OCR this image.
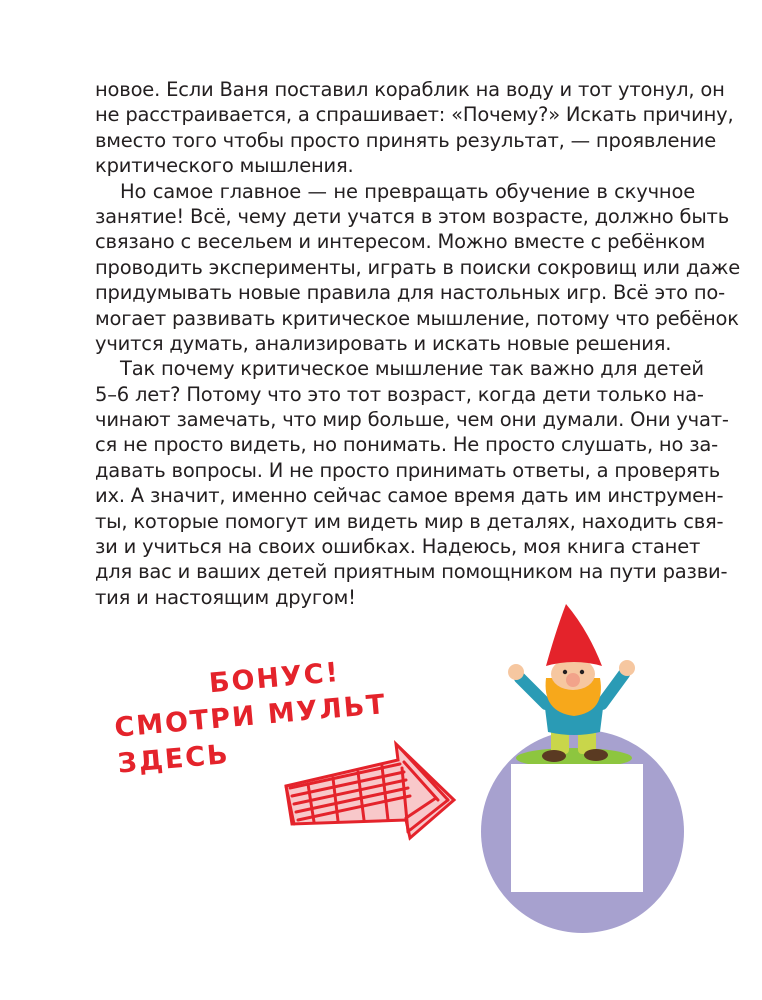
новое. Если Ваня поставил кораблик на воду и тот утонул, он
не расстраивается, а спрашивает: «Почему?» Искать причину,
вместо того чтобы просто принять результат, — проявление
критического мышления.
Но самое главное — не превращать обучение в скучное
занятие! Всё, чему дети учатся в этом возрасте, должно быть
связано с весельем и интересом. Можно вместе с ребёнком
проводить эксперименты, играть в поиски сокровищ или даже
придумывать новые правила для настольных игр. Всё это по-
могает развивать критическое мышление, потому что ребёнок
учится думать, анализировать и искать новые решения.
Так почему критическое мышление так важно для детей
5–6 лет? Потому что это тот возраст, когда дети только на-
чинают замечать, что мир больше, чем они думали. Они учат-
ся не просто видеть, но понимать. Не просто слушать, но за-
давать вопросы. И не просто принимать ответы, а проверять
их. А значит, именно сейчас самое время дать им инструмен-
ты, которые помогут им видеть мир в деталях, находить свя-
зи и учиться на своих ошибках. Надеюсь, моя книга станет
для вас и ваших детей приятным помощником на пути разви-
тия и настоящим другом!
БОНУС!
СМОТРИ МУЛЬТ ЗДЕСЬ
